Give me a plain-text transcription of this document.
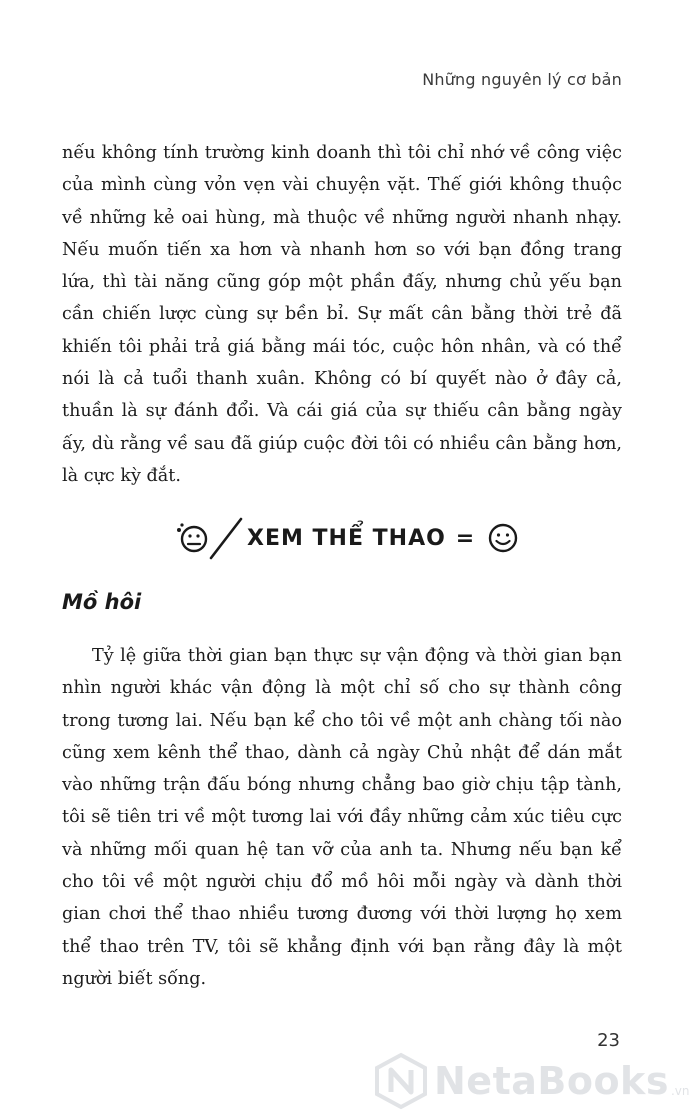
Những nguyên lý cơ bản

nếu không tính trường kinh doanh thì tôi chỉ nhớ về công việc của mình cùng vỏn vẹn vài chuyện vặt. Thế giới không thuộc về những kẻ oai hùng, mà thuộc về những người nhanh nhạy. Nếu muốn tiến xa hơn và nhanh hơn so với bạn đồng trang lứa, thì tài năng cũng góp một phần đấy, nhưng chủ yếu bạn cần chiến lược cùng sự bền bỉ. Sự mất cân bằng thời trẻ đã khiến tôi phải trả giá bằng mái tóc, cuộc hôn nhân, và có thể nói là cả tuổi thanh xuân. Không có bí quyết nào ở đây cả, thuần là sự đánh đổi. Và cái giá của sự thiếu cân bằng ngày ấy, dù rằng về sau đã giúp cuộc đời tôi có nhiều cân bằng hơn, là cực kỳ đắt.

XEM THỂ THAO =
Mồ hôi

Tỷ lệ giữa thời gian bạn thực sự vận động và thời gian bạn nhìn người khác vận động là một chỉ số cho sự thành công trong tương lai. Nếu bạn kể cho tôi về một anh chàng tối nào cũng xem kênh thể thao, dành cả ngày Chủ nhật để dán mắt vào những trận đấu bóng nhưng chẳng bao giờ chịu tập tành, tôi sẽ tiên tri về một tương lai với đầy những cảm xúc tiêu cực và những mối quan hệ tan vỡ của anh ta. Nhưng nếu bạn kể cho tôi về một người chịu đổ mồ hôi mỗi ngày và dành thời gian chơi thể thao nhiều tương đương với thời lượng họ xem thể thao trên TV, tôi sẽ khẳng định với bạn rằng đây là một người biết sống.

23
NetaBooks .vn
